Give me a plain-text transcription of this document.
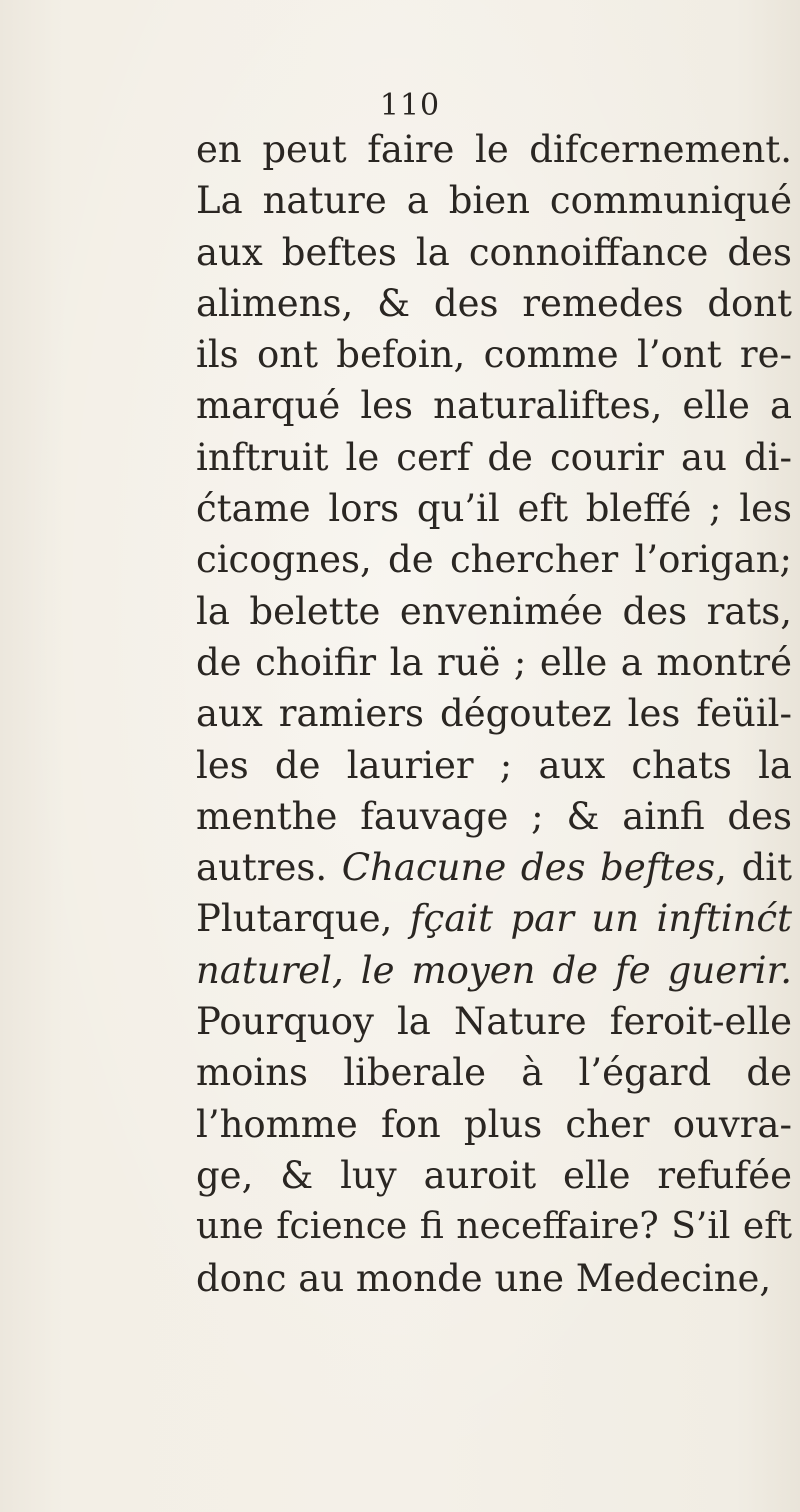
110
en peut faire le difcernement.
La nature a bien communiqué
aux beftes la connoiffance des
alimens, & des remedes dont
ils ont befoin, comme l’ont re-
marqué les naturaliftes, elle a
inftruit le cerf de courir au di-
ćtame lors qu’il eft bleffé ; les
cicognes, de chercher l’origan;
la belette envenimée des rats,
de choifir la ruë ; elle a montré
aux ramiers dégoutez les feüil-
les de laurier ; aux chats la
menthe fauvage ; & ainfi des
autres. Chacune des beftes, dit
Plutarque, fçait par un inftinćt
naturel, le moyen de fe guerir.
Pourquoy la Nature feroit-elle
moins liberale à l’égard de
l’homme fon plus cher ouvra-
ge, & luy auroit elle refufée
une fcience fi neceffaire? S’il eft
donc au monde une Medecine,
